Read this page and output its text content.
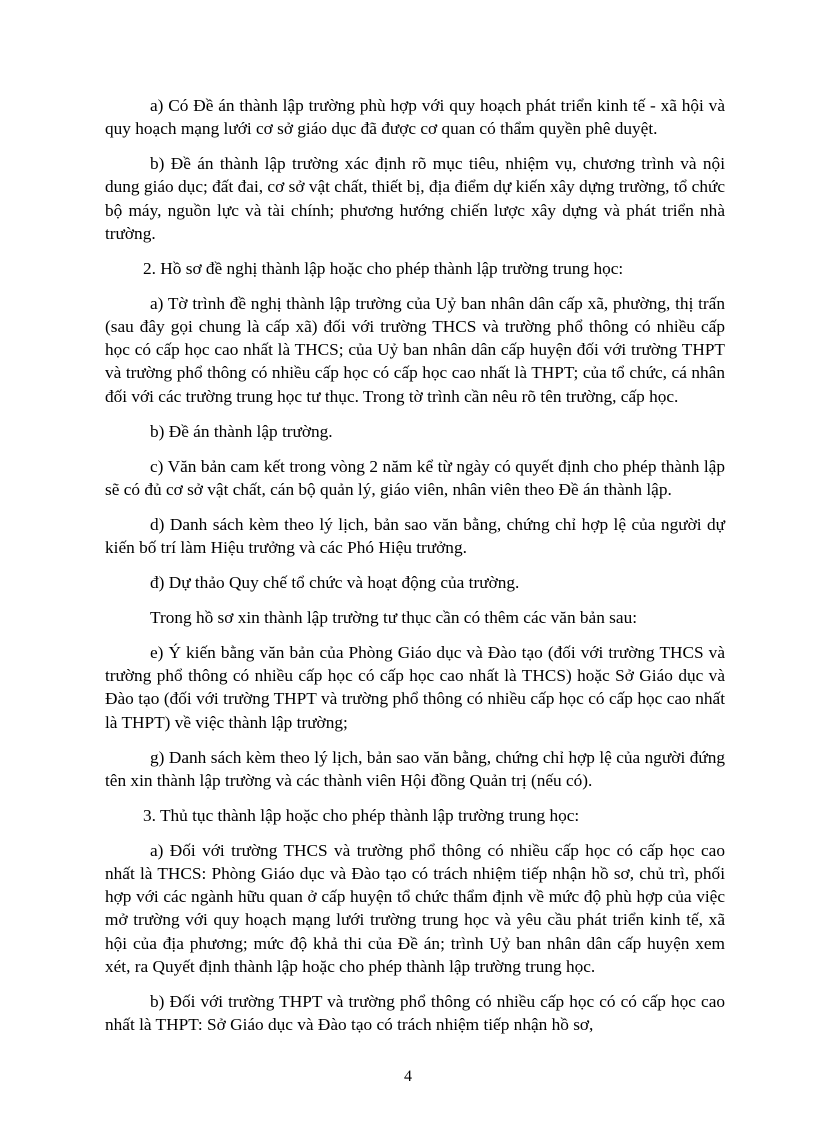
a) Có Đề án thành lập trường phù hợp với quy hoạch phát triển kinh tế - xã hội và quy hoạch mạng lưới cơ sở giáo dục đã được cơ quan có thẩm quyền phê duyệt.

b) Đề án thành lập trường xác định rõ mục tiêu, nhiệm vụ, chương trình và nội dung giáo dục; đất đai, cơ sở vật chất, thiết bị, địa điểm dự kiến xây dựng trường, tổ chức bộ máy, nguồn lực và tài chính; phương hướng chiến lược xây dựng và phát triển nhà trường.

2. Hồ sơ đề nghị thành lập hoặc cho phép thành lập trường trung học:

a) Tờ trình đề nghị thành lập trường của Uỷ ban nhân dân cấp xã, phường, thị trấn (sau đây gọi chung là cấp xã) đối với trường THCS và trường phổ thông có nhiều cấp học có cấp học cao nhất là THCS; của Uỷ ban nhân dân cấp huyện đối với trường THPT và trường phổ thông có nhiều cấp học có cấp học cao nhất là THPT; của tổ chức, cá nhân đối với các trường trung học tư thục. Trong tờ trình cần nêu rõ tên trường, cấp học.

b) Đề án thành lập trường.

c) Văn bản cam kết trong vòng 2 năm kể từ ngày có quyết định cho phép thành lập sẽ có đủ cơ sở vật chất, cán bộ quản lý, giáo viên, nhân viên theo Đề án thành lập.

d) Danh sách kèm theo lý lịch, bản sao văn bằng, chứng chỉ hợp lệ của người dự kiến bố trí làm Hiệu trưởng và các Phó Hiệu trưởng.

đ) Dự thảo Quy chế tổ chức và hoạt động của trường.

Trong hồ sơ xin thành lập trường tư thục cần có thêm các văn bản sau:

e) Ý kiến bằng văn bản của Phòng Giáo dục và Đào tạo (đối với trường THCS và trường phổ thông có nhiều cấp học có cấp học cao nhất là THCS) hoặc Sở Giáo dục và Đào tạo (đối với trường THPT và trường phổ thông có nhiều cấp học có cấp học cao nhất là THPT) về việc thành lập trường;

g) Danh sách kèm theo lý lịch, bản sao văn bằng, chứng chỉ hợp lệ của người đứng tên xin thành lập trường và các thành viên Hội đồng Quản trị (nếu có).

3. Thủ tục thành lập hoặc cho phép thành lập trường trung học:

a) Đối với trường THCS và trường phổ thông có nhiều cấp học có cấp học cao nhất là THCS: Phòng Giáo dục và Đào tạo có trách nhiệm tiếp nhận hồ sơ, chủ trì, phối hợp với các ngành hữu quan ở cấp huyện tổ chức thẩm định về mức độ phù hợp của việc mở trường với quy hoạch mạng lưới trường trung học và yêu cầu phát triển kinh tế, xã hội của địa phương; mức độ khả thi của Đề án; trình Uỷ ban nhân dân cấp huyện xem xét, ra Quyết định thành lập hoặc cho phép thành lập trường trung học.

b) Đối với trường THPT và trường phổ thông có nhiều cấp học có có cấp học cao nhất là THPT: Sở Giáo dục và Đào tạo có trách nhiệm tiếp nhận hồ sơ,

4
